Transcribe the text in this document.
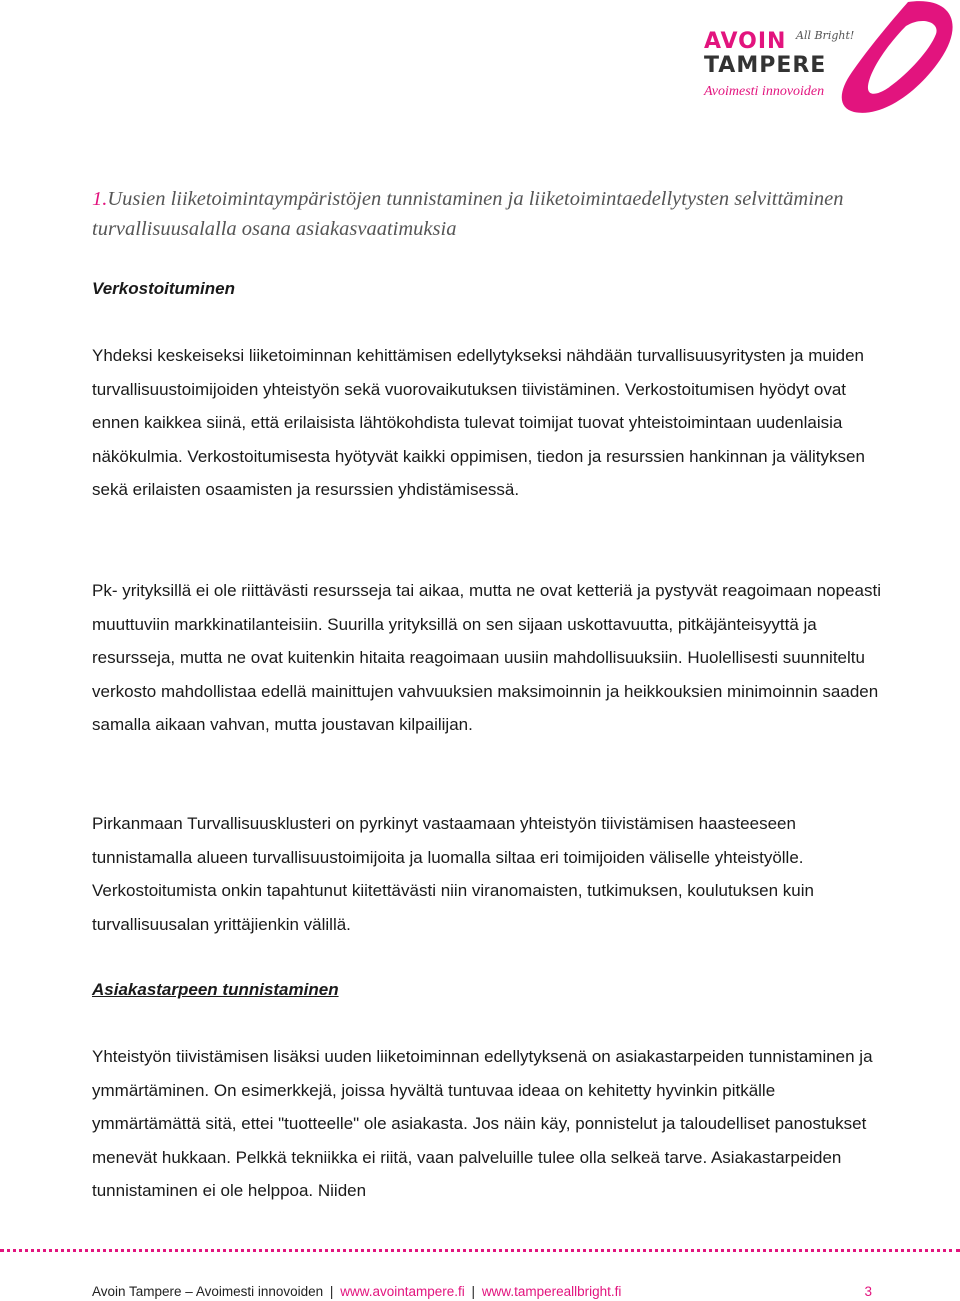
AVOIN All Bright!
TAMPERE
Avoimesti innovoiden
1.Uusien liiketoimintaympäristöjen tunnistaminen ja liiketoimintaedellytysten selvittäminen turvallisuusalalla osana asiakasvaatimuksia
Verkostoituminen

Yhdeksi keskeiseksi liiketoiminnan kehittämisen edellytykseksi nähdään turvallisuusyritysten ja muiden turvallisuustoimijoiden yhteistyön sekä vuorovaikutuksen tiivistäminen. Verkostoitumisen hyödyt ovat ennen kaikkea siinä, että erilaisista lähtökohdista tulevat toimijat tuovat yhteistoimintaan uudenlaisia näkökulmia. Verkostoitumisesta hyötyvät kaikki oppimisen, tiedon ja resurssien hankinnan ja välityksen sekä erilaisten osaamisten ja resurssien yhdistämisessä.

Pk- yrityksillä ei ole riittävästi resursseja tai aikaa, mutta ne ovat ketteriä ja pystyvät reagoimaan nopeasti muuttuviin markkinatilanteisiin. Suurilla yrityksillä on sen sijaan uskottavuutta, pitkäjänteisyyttä ja resursseja, mutta ne ovat kuitenkin hitaita reagoimaan uusiin mahdollisuuksiin. Huolellisesti suunniteltu verkosto mahdollistaa edellä mainittujen vahvuuksien maksimoinnin ja heikkouksien minimoinnin saaden samalla aikaan vahvan, mutta joustavan kilpailijan.

Pirkanmaan Turvallisuusklusteri on pyrkinyt vastaamaan yhteistyön tiivistämisen haasteeseen tunnistamalla alueen turvallisuustoimijoita ja luomalla siltaa eri toimijoiden väliselle yhteistyölle. Verkostoitumista onkin tapahtunut kiitettävästi niin viranomaisten, tutkimuksen, koulutuksen kuin turvallisuusalan yrittäjienkin välillä.

Asiakastarpeen tunnistaminen

Yhteistyön tiivistämisen lisäksi uuden liiketoiminnan edellytyksenä on asiakastarpeiden tunnistaminen ja ymmärtäminen. On esimerkkejä, joissa hyvältä tuntuvaa ideaa on kehitetty hyvinkin pitkälle ymmärtämättä sitä, ettei "tuotteelle" ole asiakasta. Jos näin käy, ponnistelut ja taloudelliset panostukset menevät hukkaan. Pelkkä tekniikka ei riitä, vaan palveluille tulee olla selkeä tarve. Asiakastarpeiden tunnistaminen ei ole helppoa. Niiden

Avoin Tampere – Avoimesti innovoiden | www.avointampere.fi | www.tampereallbright.fi	3
